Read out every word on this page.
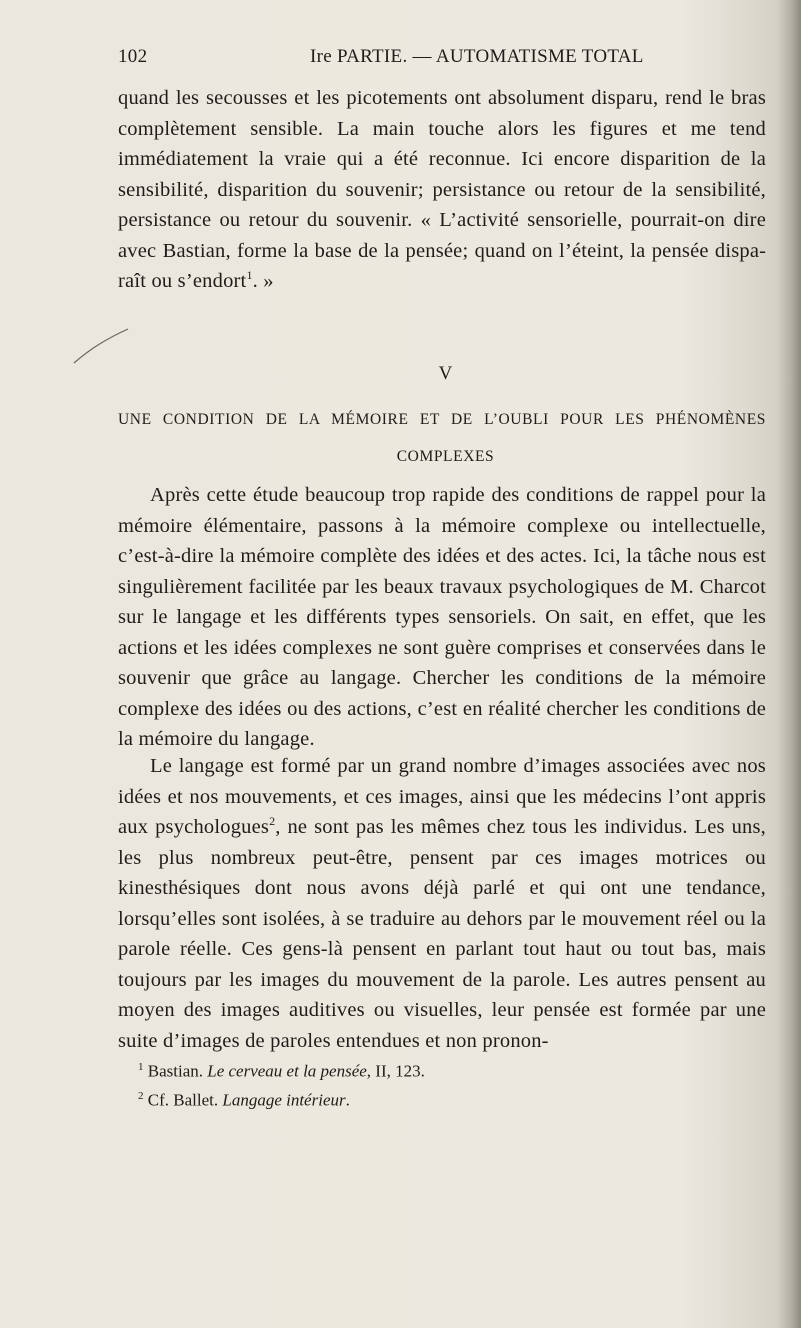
102	Ire PARTIE. — AUTOMATISME TOTAL

quand les secousses et les picotements ont absolument disparu, rend le bras complètement sensible. La main touche alors les figures et me tend immédiatement la vraie qui a été reconnue. Ici encore disparition de la sensibilité, disparition du souvenir; persistance ou retour de la sensibilité, persistance ou retour du souvenir. « L’activité sensorielle, pourrait-on dire avec Bastian, forme la base de la pensée; quand on l’éteint, la pensée disparaît ou s’endort$^1$. »

V
UNE CONDITION DE LA MÉMOIRE ET DE L’OUBLI POUR LES PHÉNOMÈNES
COMPLEXES

Après cette étude beaucoup trop rapide des conditions de rappel pour la mémoire élémentaire, passons à la mémoire complexe ou intellectuelle, c’est-à-dire la mémoire complète des idées et des actes. Ici, la tâche nous est singulièrement facilitée par les beaux travaux psychologiques de M. Charcot sur le langage et les différents types sensoriels. On sait, en effet, que les actions et les idées complexes ne sont guère comprises et conservées dans le souvenir que grâce au langage. Chercher les conditions de la mémoire complexe des idées ou des actions, c’est en réalité chercher les conditions de la mémoire du langage.

Le langage est formé par un grand nombre d’images associées avec nos idées et nos mouvements, et ces images, ainsi que les médecins l’ont appris aux psychologues$^2$, ne sont pas les mêmes chez tous les individus. Les uns, les plus nombreux peut-être, pensent par ces images motrices ou kinesthésiques dont nous avons déjà parlé et qui ont une tendance, lorsqu’elles sont isolées, à se traduire au dehors par le mouvement réel ou la parole réelle. Ces gens-là pensent en parlant tout haut ou tout bas, mais toujours par les images du mouvement de la parole. Les autres pensent au moyen des images auditives ou visuelles, leur pensée est formée par une suite d’images de paroles entendues et non pronon-

$^1$ Bastian. Le cerveau et la pensée, II, 123.
$^2$ Cf. Ballet. Langage intérieur.
